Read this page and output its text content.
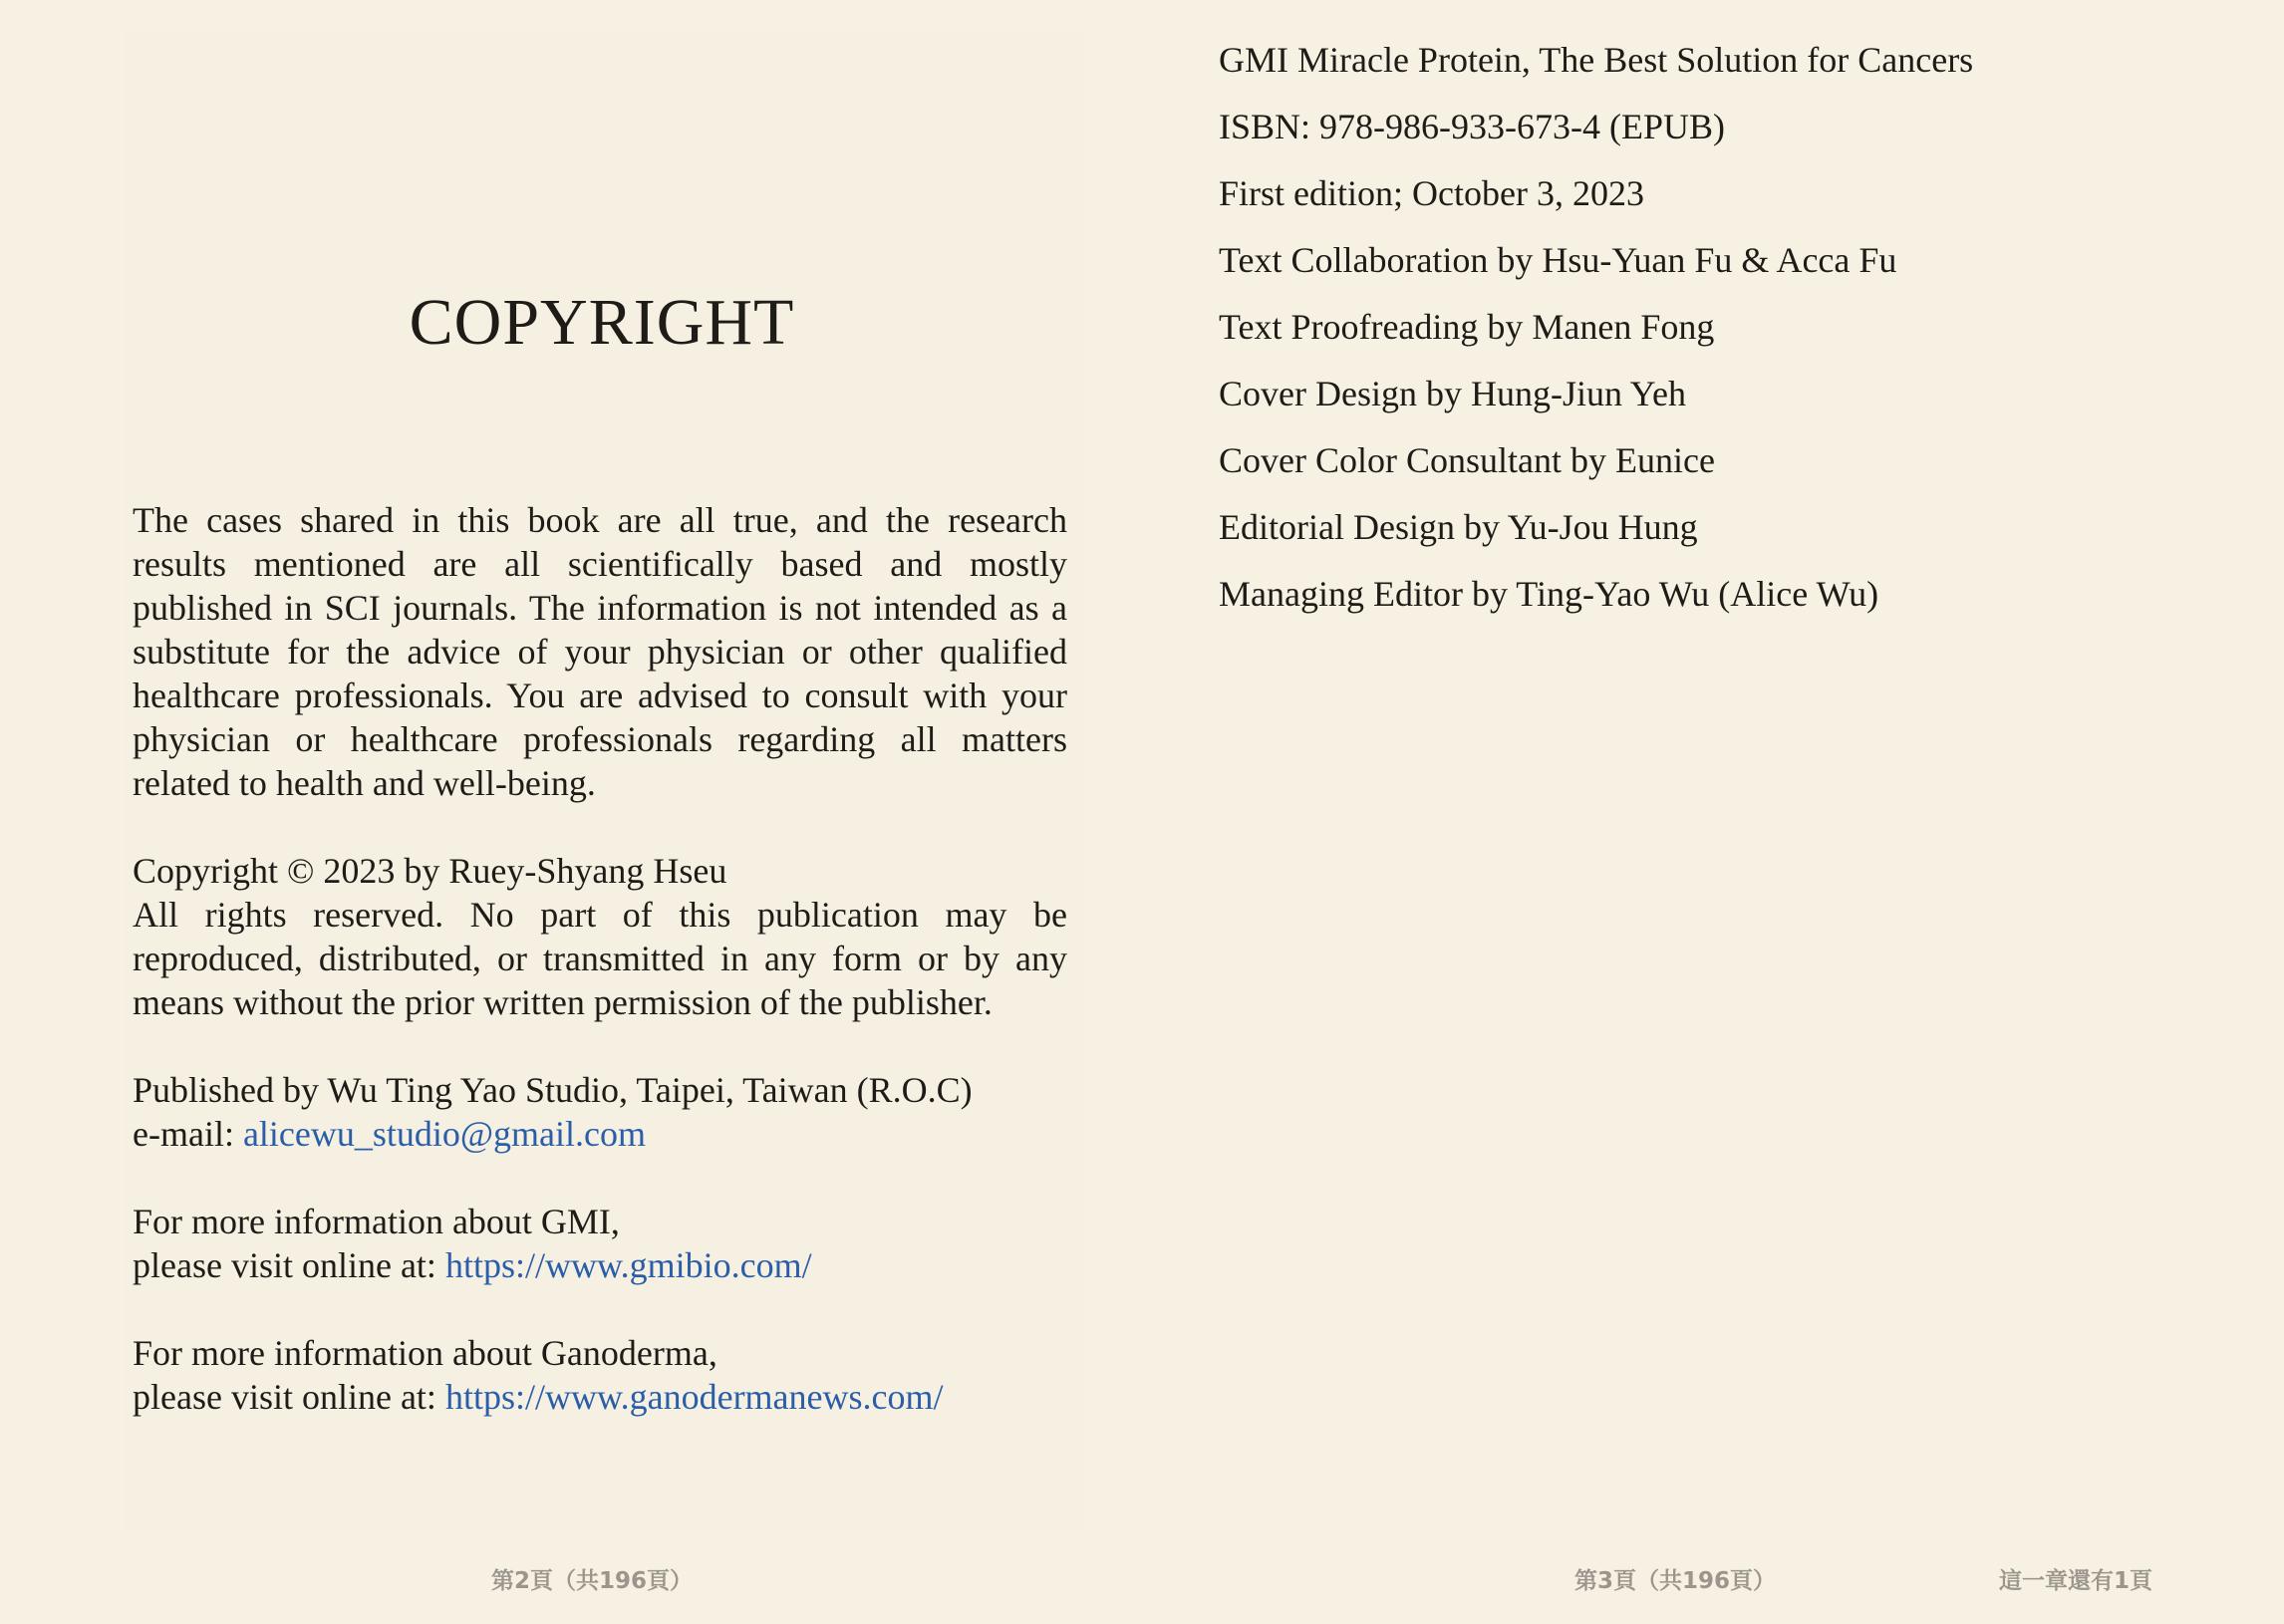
COPYRIGHT

The cases shared in this book are all true, and the research results mentioned are all scientifically based and mostly published in SCI journals. The information is not intended as a substitute for the advice of your physician or other qualified healthcare professionals. You are advised to consult with your physician or healthcare professionals regarding all matters related to health and well-being.

Copyright © 2023 by Ruey-Shyang Hseu

All rights reserved. No part of this publication may be reproduced, distributed, or transmitted in any form or by any means without the prior written permission of the publisher.

Published by Wu Ting Yao Studio, Taipei, Taiwan (R.O.C)

e-mail: alicewu_studio@gmail.com

For more information about GMI,

please visit online at: https://www.gmibio.com/

For more information about Ganoderma,

please visit online at: https://www.ganodermanews.com/

GMI Miracle Protein, The Best Solution for Cancers
ISBN: 978-986-933-673-4 (EPUB)
First edition; October 3, 2023
Text Collaboration by Hsu-Yuan Fu & Acca Fu
Text Proofreading by Manen Fong
Cover Design by Hung-Jiun Yeh
Cover Color Consultant by Eunice
Editorial Design by Yu-Jou Hung
Managing Editor by Ting-Yao Wu (Alice Wu)
第2頁（共196頁）	第3頁（共196頁）	這一章還有1頁
